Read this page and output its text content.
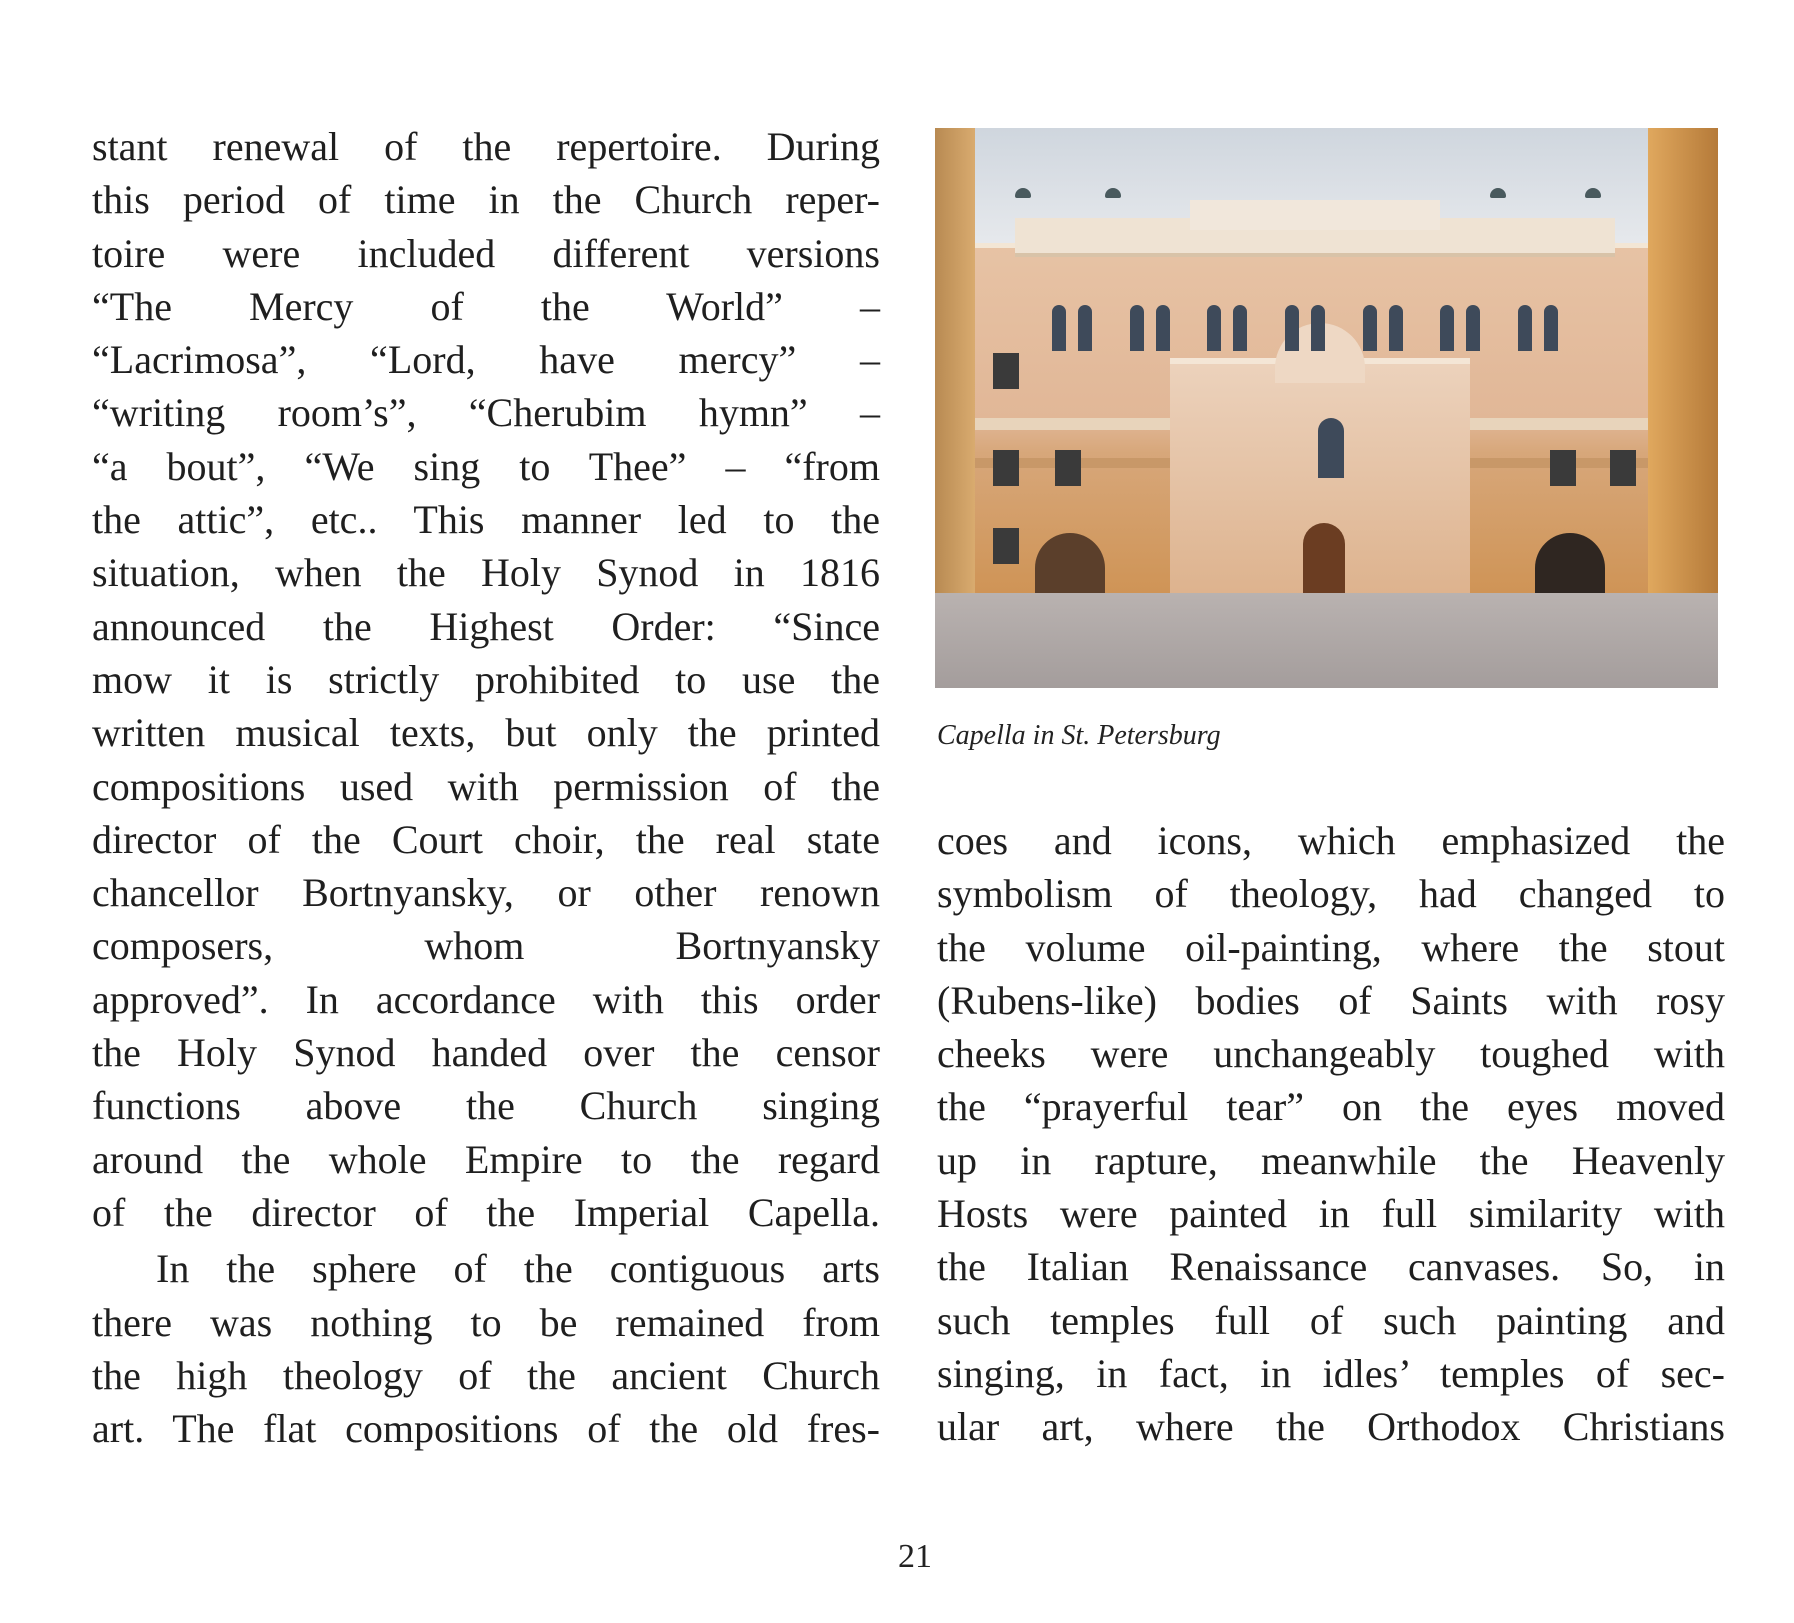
stant renewal of the repertoire. During
this period of time in the Church reper-
toire were included different versions
“The Mercy of the World” –
“Lacrimosa”, “Lord, have mercy” –
“writing room’s”, “Cherubim hymn” –
“a bout”, “We sing to Thee” – “from
the attic”, etc.. This manner led to the
situation, when the Holy Synod in 1816
announced the Highest Order: “Since
mow it is strictly prohibited to use the
written musical texts, but only the printed
compositions used with permission of the
director of the Court choir, the real state
chancellor Bortnyansky, or other renown
composers, whom Bortnyansky
approved”. In accordance with this order
the Holy Synod handed over the censor
functions above the Church singing
around the whole Empire to the regard
of the director of the Imperial Capella.
In the sphere of the contiguous arts
there was nothing to be remained from
the high theology of the ancient Church
art. The flat compositions of the old fres-
Capella in St. Petersburg
coes and icons, which emphasized the
symbolism of theology, had changed to
the volume oil-painting, where the stout
(Rubens-like) bodies of Saints with rosy
cheeks were unchangeably toughed with
the “prayerful tear” on the eyes moved
up in rapture, meanwhile the Heavenly
Hosts were painted in full similarity with
the Italian Renaissance canvases. So, in
such temples full of such painting and
singing, in fact, in idles’ temples of sec-
ular art, where the Orthodox Christians
21
